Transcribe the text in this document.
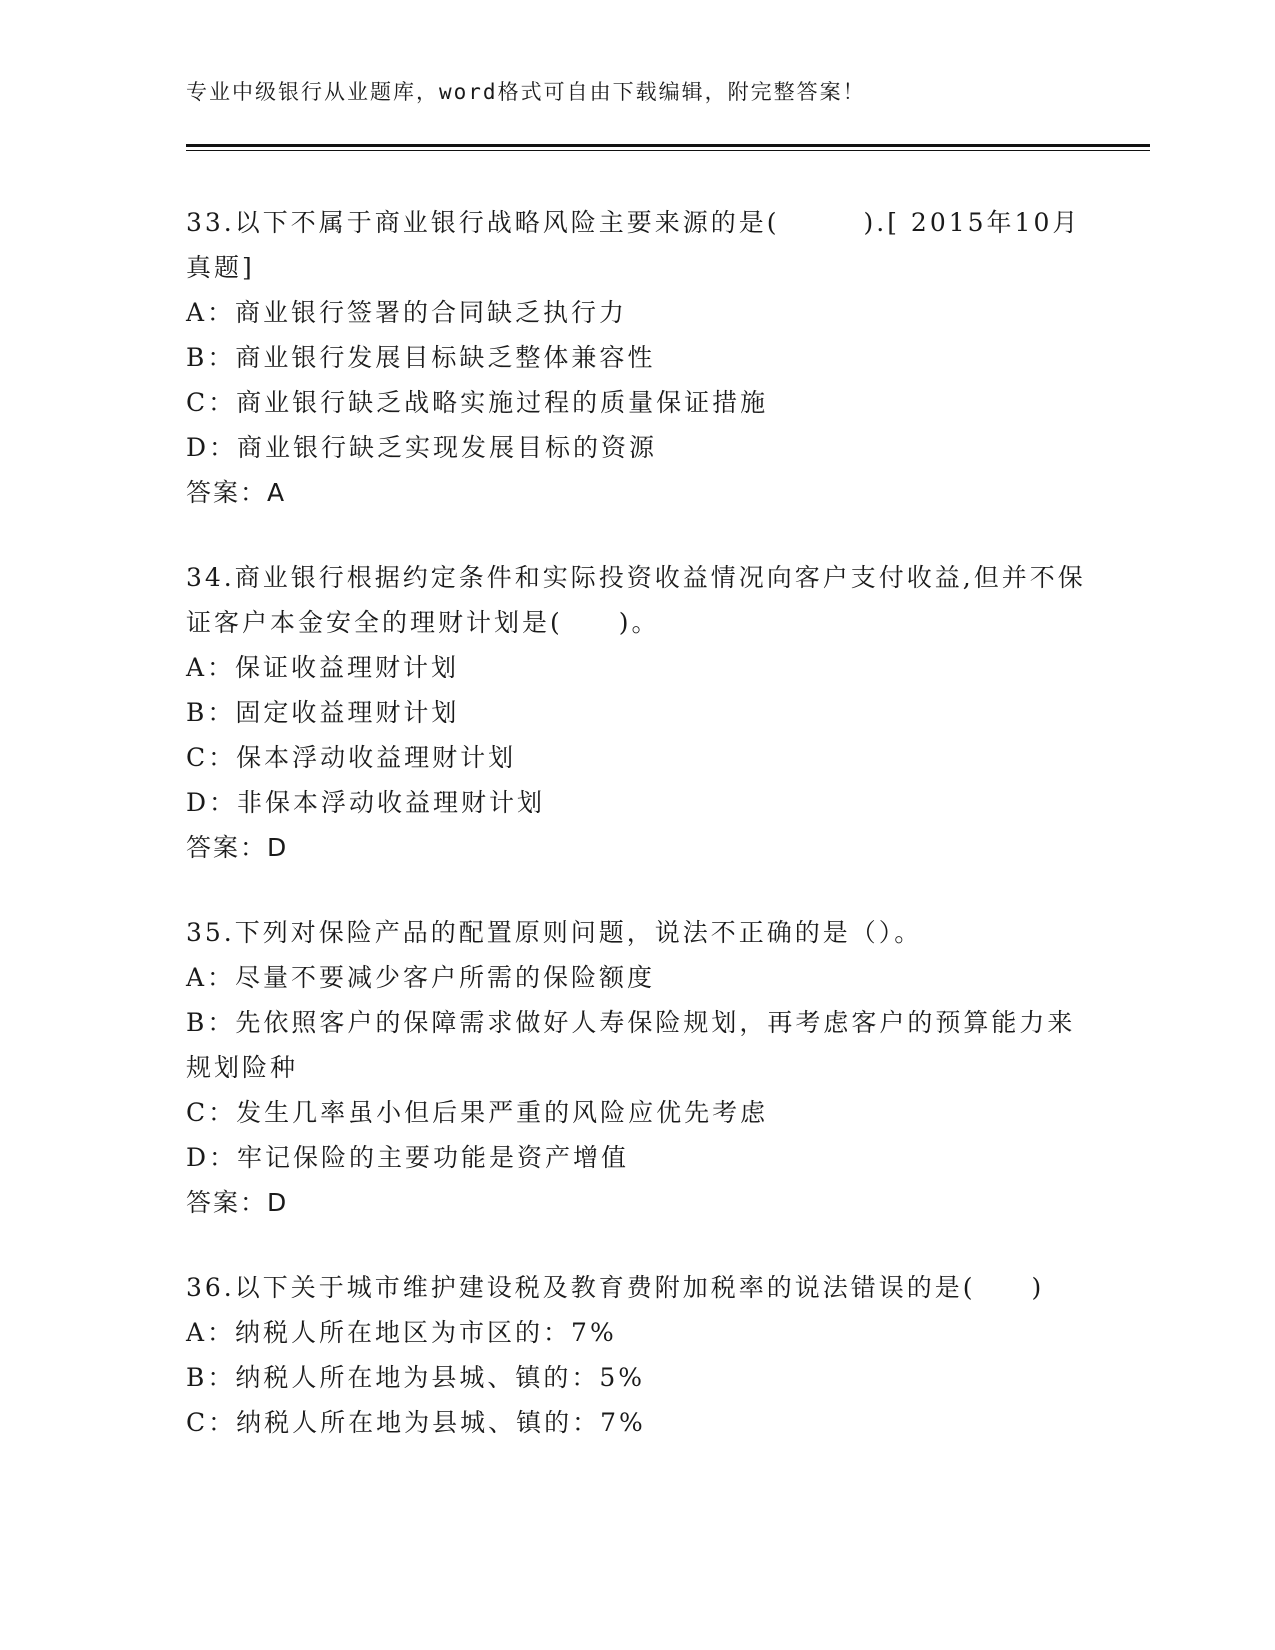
专业中级银行从业题库，word格式可自由下载编辑，附完整答案！
33.以下不属于商业银行战略风险主要来源的是(　　　).[ 2015年10月真题]
A：商业银行签署的合同缺乏执行力
B：商业银行发展目标缺乏整体兼容性
C：商业银行缺乏战略实施过程的质量保证措施
D：商业银行缺乏实现发展目标的资源
答案：A
34.商业银行根据约定条件和实际投资收益情况向客户支付收益,但并不保证客户本金安全的理财计划是(　　)。
A：保证收益理财计划
B：固定收益理财计划
C：保本浮动收益理财计划
D：非保本浮动收益理财计划
答案：D
35.下列对保险产品的配置原则问题，说法不正确的是（）。
A：尽量不要减少客户所需的保险额度
B：先依照客户的保障需求做好人寿保险规划，再考虑客户的预算能力来规划险种
C：发生几率虽小但后果严重的风险应优先考虑
D：牢记保险的主要功能是资产增值
答案：D
36.以下关于城市维护建设税及教育费附加税率的说法错误的是(　　)
A：纳税人所在地区为市区的：7%
B：纳税人所在地为县城、镇的：5%
C：纳税人所在地为县城、镇的：7%
